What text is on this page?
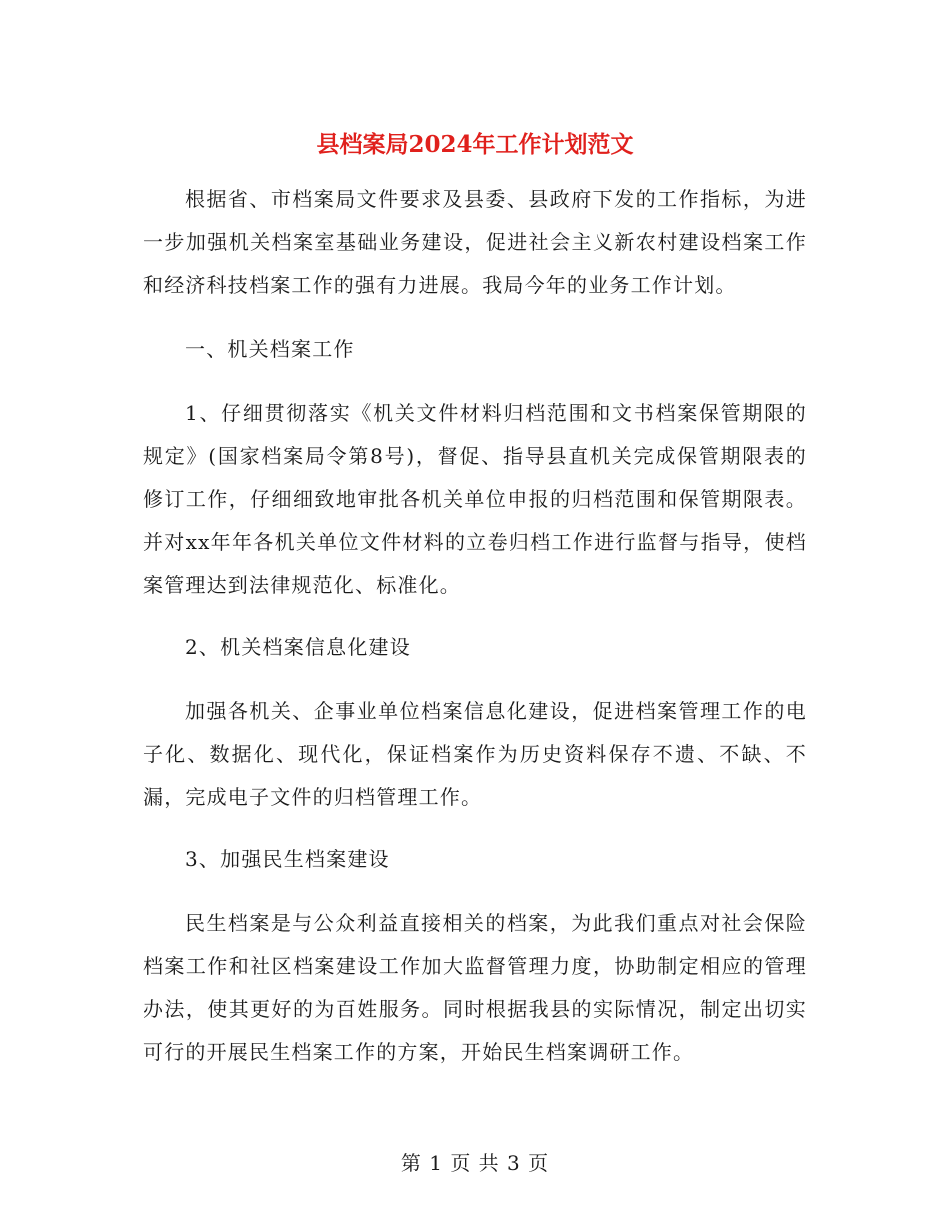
县档案局2024年工作计划范文

根据省、市档案局文件要求及县委、县政府下发的工作指标，为进一步加强机关档案室基础业务建设，促进社会主义新农村建设档案工作和经济科技档案工作的强有力进展。我局今年的业务工作计划。

一、机关档案工作

1、仔细贯彻落实《机关文件材料归档范围和文书档案保管期限的规定》(国家档案局令第8号)，督促、指导县直机关完成保管期限表的修订工作，仔细细致地审批各机关单位申报的归档范围和保管期限表。并对xx年年各机关单位文件材料的立卷归档工作进行监督与指导，使档案管理达到法律规范化、标准化。

2、机关档案信息化建设

加强各机关、企事业单位档案信息化建设，促进档案管理工作的电子化、数据化、现代化，保证档案作为历史资料保存不遗、不缺、不漏，完成电子文件的归档管理工作。

3、加强民生档案建设

民生档案是与公众利益直接相关的档案，为此我们重点对社会保险档案工作和社区档案建设工作加大监督管理力度，协助制定相应的管理办法，使其更好的为百姓服务。同时根据我县的实际情况，制定出切实可行的开展民生档案工作的方案，开始民生档案调研工作。

第 1 页 共 3 页
